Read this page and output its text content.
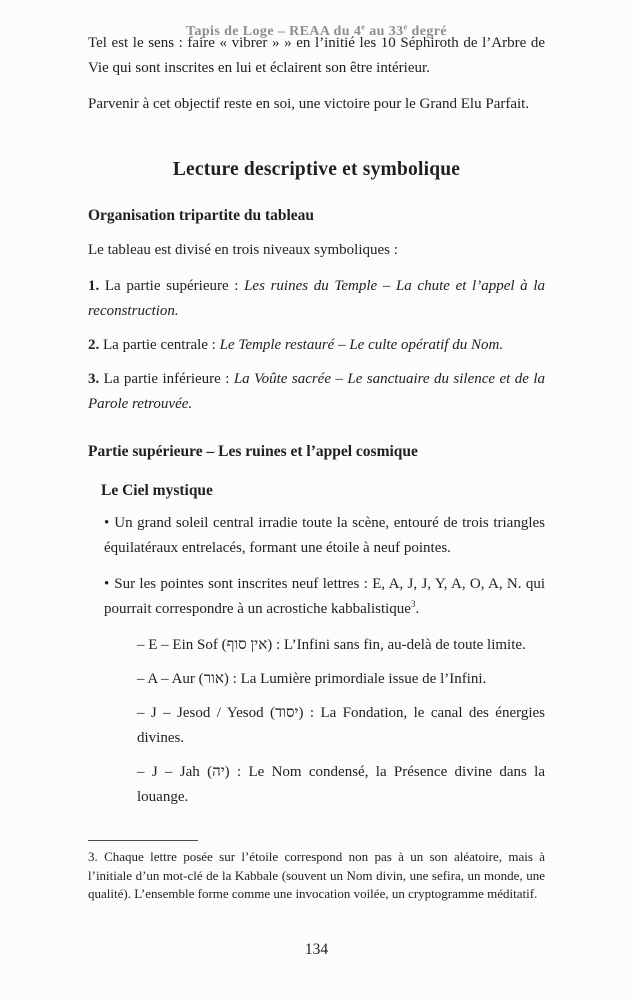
Tapis de Loge – REAA du 4e au 33e degré
Tel est le sens : faire « vibrer » » en l’initié les 10 Séphiroth de l’Arbre de Vie qui sont inscrites en lui et éclairent son être intérieur.
Parvenir à cet objectif reste en soi, une victoire pour le Grand Elu Parfait.
Lecture descriptive et symbolique
Organisation tripartite du tableau
Le tableau est divisé en trois niveaux symboliques :
1. La partie supérieure : Les ruines du Temple – La chute et l’appel à la reconstruction.
2. La partie centrale : Le Temple restauré – Le culte opératif du Nom.
3. La partie inférieure : La Voûte sacrée – Le sanctuaire du silence et de la Parole retrouvée.
Partie supérieure – Les ruines et l’appel cosmique
Le Ciel mystique
• Un grand soleil central irradie toute la scène, entouré de trois triangles équilatéraux entrelacés, formant une étoile à neuf pointes.
• Sur les pointes sont inscrites neuf lettres : E, A, J, J, Y, A, O, A, N. qui pourrait correspondre à un acrostiche kabbalistique$^3$.
– E – Ein Sof (אין סוף) : L’Infini sans fin, au-delà de toute limite.
– A – Aur (אור) : La Lumière primordiale issue de l’Infini.
– J – Jesod / Yesod (יסוד) : La Fondation, le canal des énergies divines.
– J – Jah (יה) : Le Nom condensé, la Présence divine dans la louange.
3. Chaque lettre posée sur l’étoile correspond non pas à un son aléatoire, mais à l’initiale d’un mot-clé de la Kabbale (souvent un Nom divin, une sefira, un monde, une qualité). L’ensemble forme comme une invocation voilée, un cryptogramme méditatif.
134
